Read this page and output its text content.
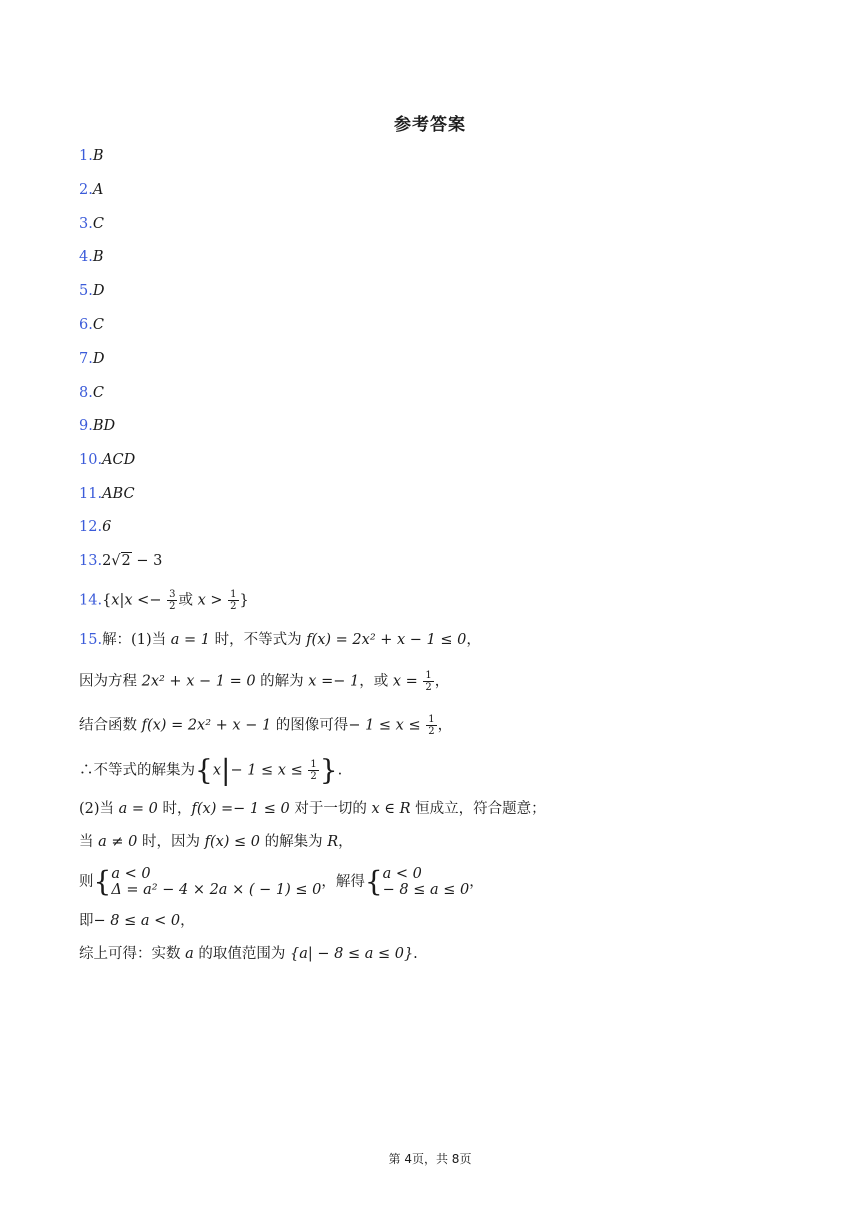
参考答案
1.B
2.A
3.C
4.B
5.D
6.C
7.D
8.C
9.BD
10.ACD
11.ABC
12.6
13.2√2 − 3
$14.\{x|x <- \frac{3}{2}$ 或 $x > \frac{1}{2}$ }
15.解：(1)当 a = 1 时，不等式为 f(x) = 2x² + x − 1 ≤ 0，
因为方程 2x² + x − 1 = 0 的解为 x =− 1，或 $x = \frac{1}{2}$ ，
结合函数 f(x) = 2x² + x − 1 的图像可得− $1 \le x \le \frac{1}{2}$ ，
∴不等式的解集为{$x|- 1 \le x \le \frac{1}{2}$ }.
(2)当 a = 0 时，f(x) =− 1 ≤ 0 对于一切的 x ∈ R 恒成立，符合题意；
当 a ≠ 0 时，因为 f(x) ≤ 0 的解集为 R，
则{ a < 0
Δ = a² − 4 × 2a × ( − 1) ≤ 0 ，解得{ a < 0
− 8 ≤ a ≤ 0 ，
即− 8 ≤ a < 0，
综上可得：实数 a 的取值范围为 {a| − 8 ≤ a ≤ 0}.
第 4页，共 8页
